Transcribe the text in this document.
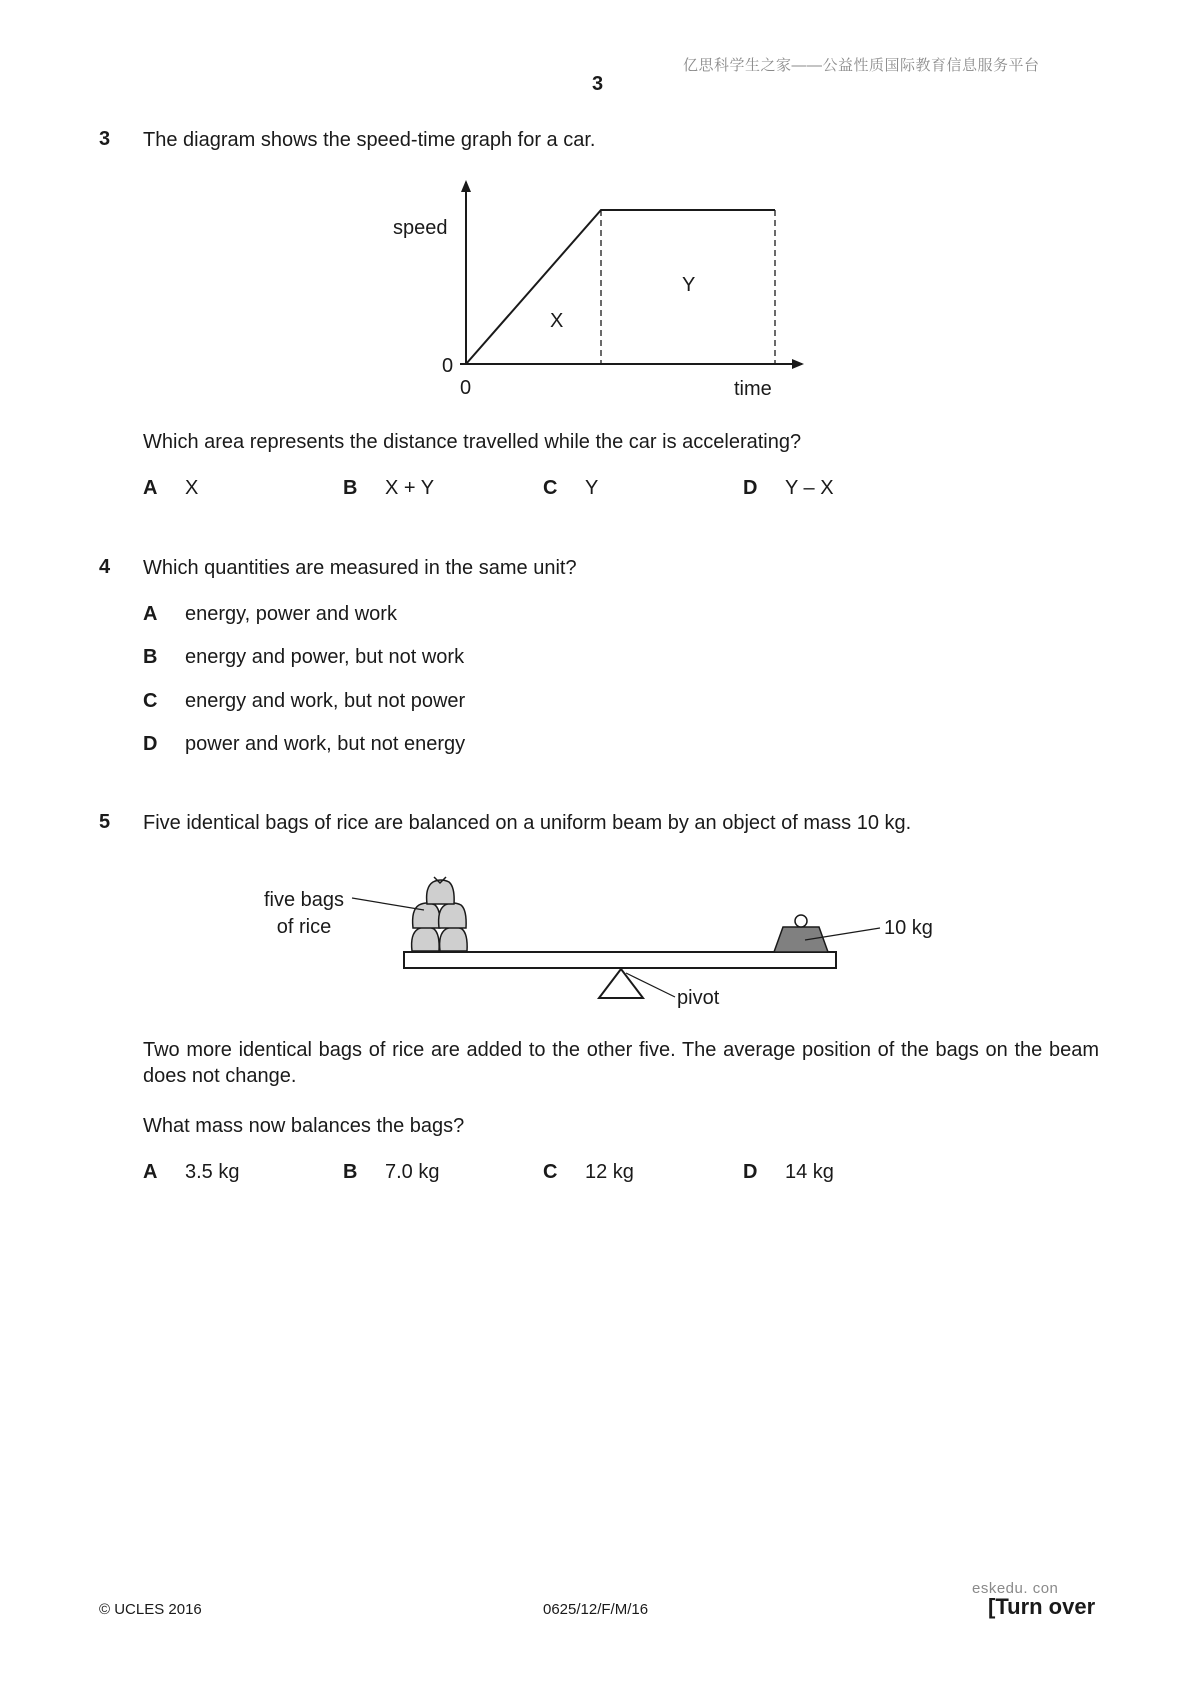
亿思科学生之家——公益性质国际教育信息服务平台
3
3 The diagram shows the speed-time graph for a car.
speed
time
0
0
X
Y
Which area represents the distance travelled while the car is accelerating?
A X	B X + Y	C Y	D Y – X
4 Which quantities are measured in the same unit?
A energy, power and work
B energy and power, but not work
C energy and work, but not power
D power and work, but not energy
5 Five identical bags of rice are balanced on a uniform beam by an object of mass 10 kg.
five bags
of rice	10 kg
pivot
Two more identical bags of rice are added to the other five. The average position of the bags on the beam does not change.
What mass now balances the bags?
A 3.5 kg	B 7.0 kg	C 12 kg	D 14 kg
© UCLES 2016	0625/12/F/M/16
eskedu. con
[Turn over
